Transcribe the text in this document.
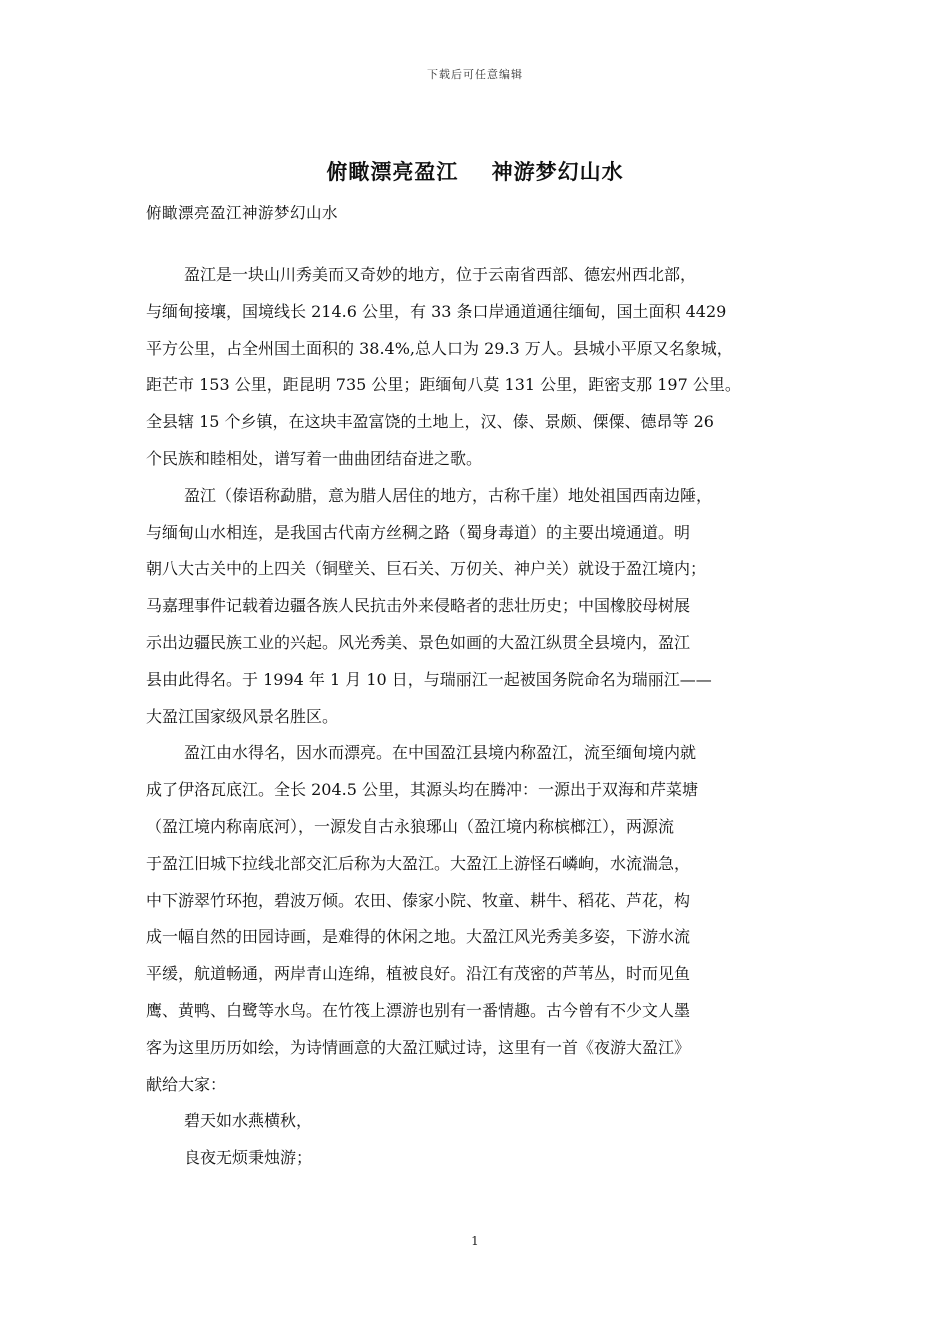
下载后可任意编辑
俯瞰漂亮盈江    神游梦幻山水
俯瞰漂亮盈江神游梦幻山水
盈江是一块山川秀美而又奇妙的地方，位于云南省西部、德宏州西北部，
与缅甸接壤，国境线长 214.6 公里，有 33 条口岸通道通往缅甸，国土面积 4429
平方公里，占全州国土面积的 38.4%,总人口为 29.3 万人。县城小平原又名象城，
距芒市 153 公里，距昆明 735 公里；距缅甸八莫 131 公里，距密支那 197 公里。
全县辖 15 个乡镇，在这块丰盈富饶的土地上，汉、傣、景颇、傈僳、德昂等 26
个民族和睦相处，谱写着一曲曲团结奋进之歌。
盈江（傣语称勐腊，意为腊人居住的地方，古称千崖）地处祖国西南边陲，
与缅甸山水相连，是我国古代南方丝稠之路（蜀身毒道）的主要出境通道。明
朝八大古关中的上四关（铜壁关、巨石关、万仞关、神户关）就设于盈江境内；
马嘉理事件记载着边疆各族人民抗击外来侵略者的悲壮历史；中国橡胶母树展
示出边疆民族工业的兴起。风光秀美、景色如画的大盈江纵贯全县境内，盈江
县由此得名。于 1994 年 1 月 10 日，与瑞丽江一起被国务院命名为瑞丽江——
大盈江国家级风景名胜区。
盈江由水得名，因水而漂亮。在中国盈江县境内称盈江，流至缅甸境内就
成了伊洛瓦底江。全长 204.5 公里，其源头均在腾冲：一源出于双海和芹菜塘
（盈江境内称南底河），一源发自古永狼琊山（盈江境内称槟榔江），两源流
于盈江旧城下拉线北部交汇后称为大盈江。大盈江上游怪石嶙峋，水流湍急，
中下游翠竹环抱，碧波万倾。农田、傣家小院、牧童、耕牛、稻花、芦花，构
成一幅自然的田园诗画，是难得的休闲之地。大盈江风光秀美多姿，下游水流
平缓，航道畅通，两岸青山连绵，植被良好。沿江有茂密的芦苇丛，时而见鱼
鹰、黄鸭、白鹭等水鸟。在竹筏上漂游也别有一番情趣。古今曾有不少文人墨
客为这里历历如绘，为诗情画意的大盈江赋过诗，这里有一首《夜游大盈江》
献给大家：
碧天如水燕横秋，
良夜无烦秉烛游；
1
